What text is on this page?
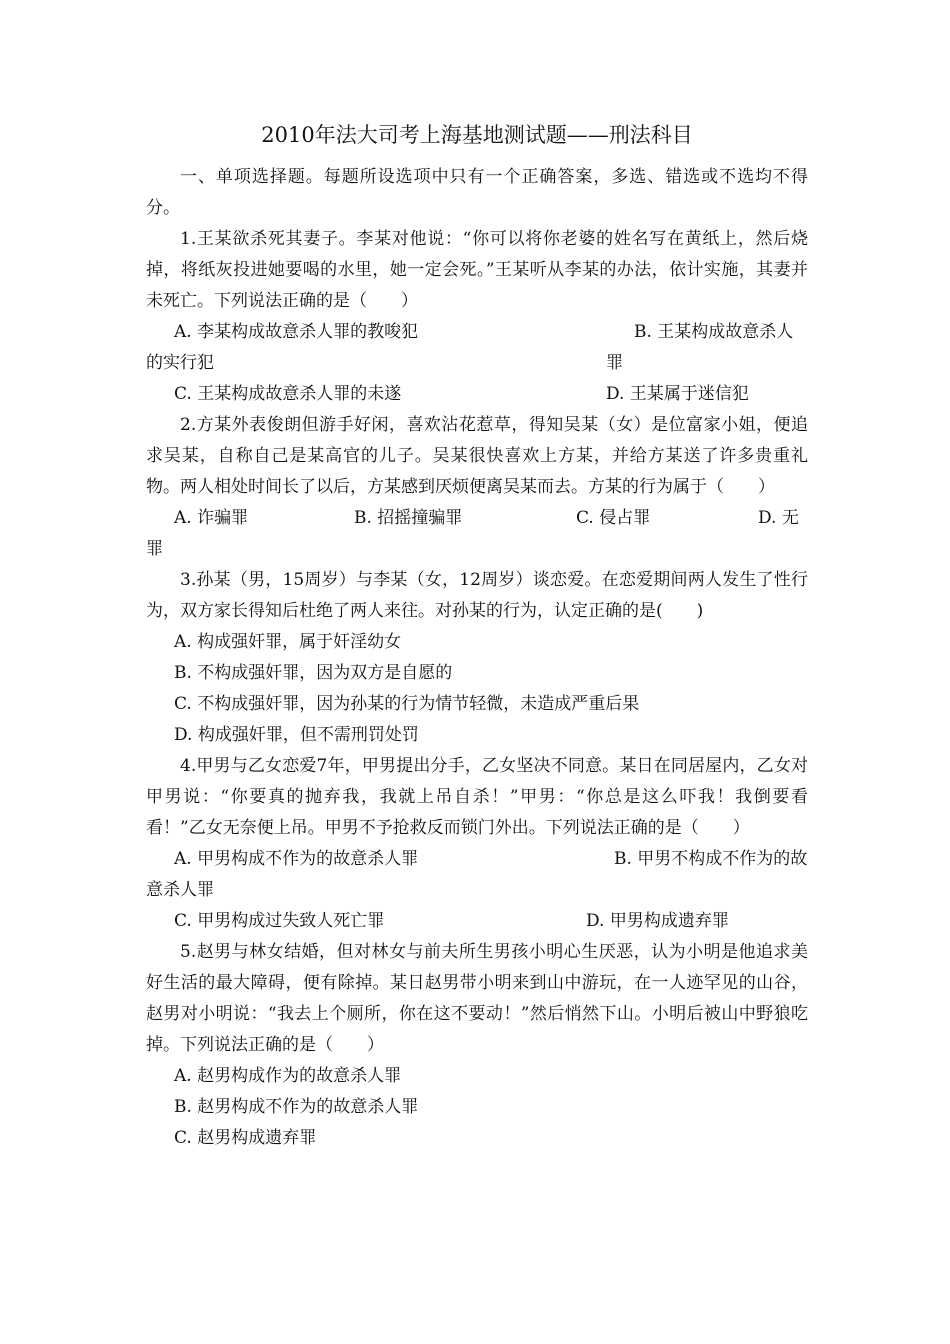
2010年法大司考上海基地测试题——刑法科目

一、单项选择题。每题所设选项中只有一个正确答案，多选、错选或不选均不得分。

1.王某欲杀死其妻子。李某对他说：“你可以将你老婆的姓名写在黄纸上，然后烧掉，将纸灰投进她要喝的水里，她一定会死。”王某听从李某的办法，依计实施，其妻并未死亡。下列说法正确的是（　　）

A. 李某构成故意杀人罪的教唆犯	B. 王某构成故意杀人罪
的实行犯
C. 王某构成故意杀人罪的未遂	D. 王某属于迷信犯

2.方某外表俊朗但游手好闲，喜欢沾花惹草，得知吴某（女）是位富家小姐，便追求吴某，自称自己是某高官的儿子。吴某很快喜欢上方某，并给方某送了许多贵重礼物。两人相处时间长了以后，方某感到厌烦便离吴某而去。方某的行为属于（　　）

A. 诈骗罪	B. 招摇撞骗罪	C. 侵占罪	D. 无
罪

3.孙某（男，15周岁）与李某（女，12周岁）谈恋爱。在恋爱期间两人发生了性行为，双方家长得知后杜绝了两人来往。对孙某的行为，认定正确的是(　　)

A. 构成强奸罪，属于奸淫幼女

B. 不构成强奸罪，因为双方是自愿的

C. 不构成强奸罪，因为孙某的行为情节轻微，未造成严重后果

D. 构成强奸罪，但不需刑罚处罚

4.甲男与乙女恋爱7年，甲男提出分手，乙女坚决不同意。某日在同居屋内，乙女对甲男说：“你要真的抛弃我，我就上吊自杀！”甲男：“你总是这么吓我！我倒要看看！”乙女无奈便上吊。甲男不予抢救反而锁门外出。下列说法正确的是（　　）

A. 甲男构成不作为的故意杀人罪	B. 甲男不构成不作为的故
意杀人罪
C. 甲男构成过失致人死亡罪	D. 甲男构成遗弃罪

5.赵男与林女结婚，但对林女与前夫所生男孩小明心生厌恶，认为小明是他追求美好生活的最大障碍，便有除掉。某日赵男带小明来到山中游玩，在一人迹罕见的山谷，赵男对小明说：“我去上个厕所，你在这不要动！”然后悄然下山。小明后被山中野狼吃掉。下列说法正确的是（　　）

A. 赵男构成作为的故意杀人罪

B. 赵男构成不作为的故意杀人罪

C. 赵男构成遗弃罪
